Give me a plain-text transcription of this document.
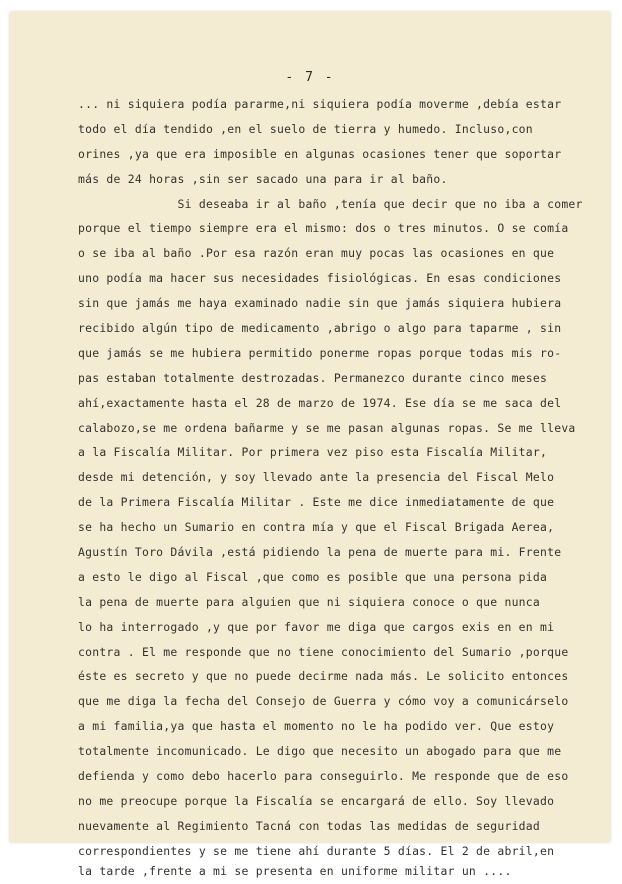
- 7 -
... ni siquiera podía pararme,ni siquiera podía moverme ,debía estar
todo el día tendido ,en el suelo de tierra y humedo. Incluso,con
orines ,ya que era imposible en algunas ocasiones tener que soportar
más de 24 horas ,sin ser sacado una para ir al baño.
Si deseaba ir al baño ,tenía que decir que no iba a comer
porque el tiempo siempre era el mismo: dos o tres minutos. O se comía
o se iba al baño .Por esa razón eran muy pocas las ocasiones en que
uno podía ma hacer sus necesidades fisiológicas. En esas condiciones
sin que jamás me haya examinado nadie sin que jamás siquiera hubiera
recibido algún tipo de medicamento ,abrigo o algo para taparme , sin
que jamás se me hubiera permitido ponerme ropas porque todas mis ro-
pas estaban totalmente destrozadas. Permanezco durante cinco meses
ahí,exactamente hasta el 28 de marzo de 1974. Ese día se me saca del
calabozo,se me ordena bañarme y se me pasan algunas ropas. Se me lleva
a la Fiscalía Militar. Por primera vez piso esta Fiscalía Militar,
desde mi detención, y soy llevado ante la presencia del Fiscal Melo
de la Primera Fiscalía Militar . Este me dice inmediatamente de que
se ha hecho un Sumario en contra mía y que el Fiscal Brigada Aerea,
Agustín Toro Dávila ,está pidiendo la pena de muerte para mi. Frente
a esto le digo al Fiscal ,que como es posible que una persona pida
la pena de muerte para alguien que ni siquiera conoce o que nunca
lo ha interrogado ,y que por favor me diga que cargos exis en en mi
contra . El me responde que no tiene conocimiento del Sumario ,porque
éste es secreto y que no puede decirme nada más. Le solicito entonces
que me diga la fecha del Consejo de Guerra y cómo voy a comunicárselo
a mi familia,ya que hasta el momento no le ha podido ver. Que estoy
totalmente incomunicado. Le digo que necesito un abogado para que me
defienda y como debo hacerlo para conseguirlo. Me responde que de eso
no me preocupe porque la Fiscalía se encargará de ello. Soy llevado
nuevamente al Regimiento Tacná con todas las medidas de seguridad
correspondientes y se me tiene ahí durante 5 días. El 2 de abril,en
la tarde ,frente a mi se presenta en uniforme militar un ....
